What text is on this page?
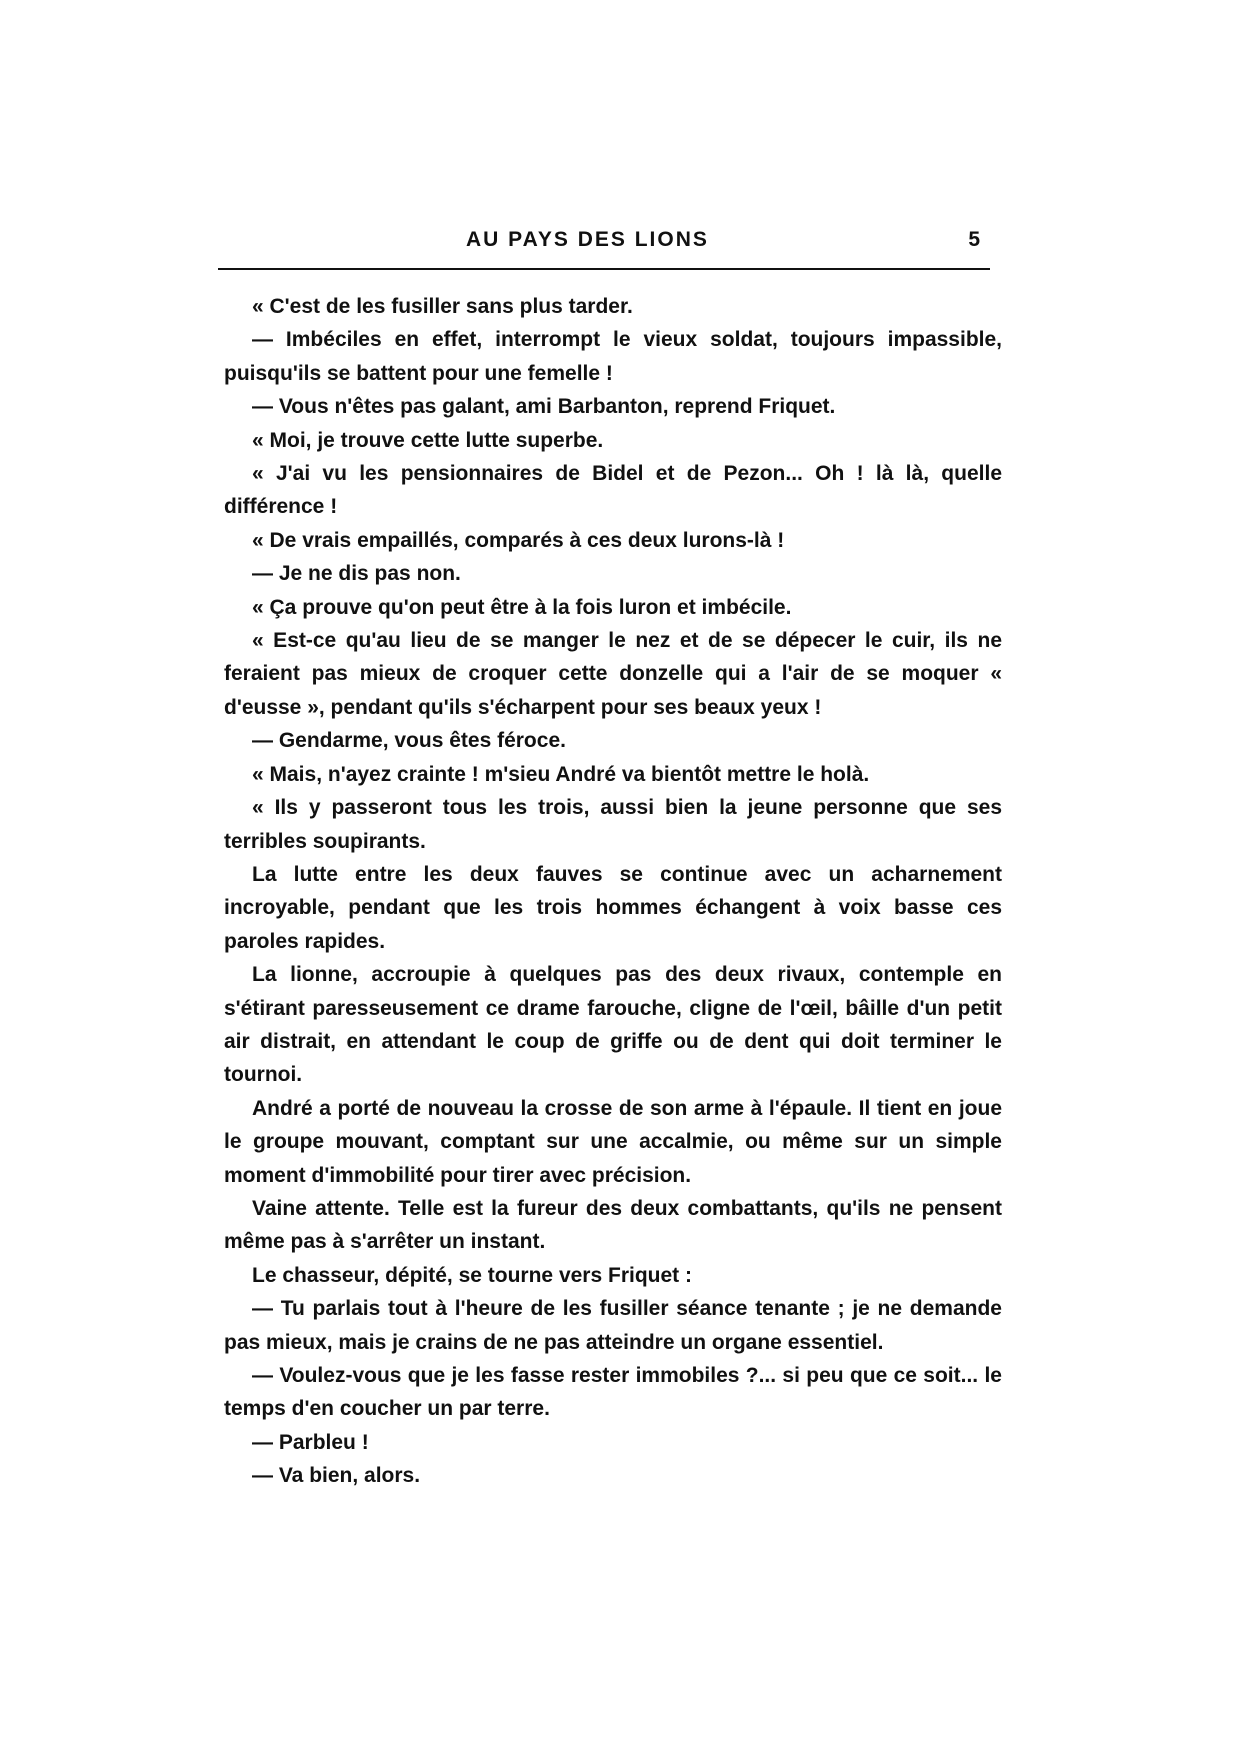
AU PAYS DES LIONS	5

« C'est de les fusiller sans plus tarder.

— Imbéciles en effet, interrompt le vieux soldat, toujours impassible, puisqu'ils se battent pour une femelle !

— Vous n'êtes pas galant, ami Barbanton, reprend Friquet.

« Moi, je trouve cette lutte superbe.

« J'ai vu les pensionnaires de Bidel et de Pezon... Oh ! là là, quelle différence !

« De vrais empaillés, comparés à ces deux lurons-là !

— Je ne dis pas non.

« Ça prouve qu'on peut être à la fois luron et imbécile.

« Est-ce qu'au lieu de se manger le nez et de se dépecer le cuir, ils ne feraient pas mieux de croquer cette donzelle qui a l'air de se moquer « d'eusse », pendant qu'ils s'écharpent pour ses beaux yeux !

— Gendarme, vous êtes féroce.

« Mais, n'ayez crainte ! m'sieu André va bientôt mettre le holà.

« Ils y passeront tous les trois, aussi bien la jeune personne que ses terribles soupirants.

La lutte entre les deux fauves se continue avec un acharnement incroyable, pendant que les trois hommes échangent à voix basse ces paroles rapides.

La lionne, accroupie à quelques pas des deux rivaux, contemple en s'étirant paresseusement ce drame farouche, cligne de l'œil, bâille d'un petit air distrait, en attendant le coup de griffe ou de dent qui doit terminer le tournoi.

André a porté de nouveau la crosse de son arme à l'épaule. Il tient en joue le groupe mouvant, comptant sur une accalmie, ou même sur un simple moment d'immobilité pour tirer avec précision.

Vaine attente. Telle est la fureur des deux combattants, qu'ils ne pensent même pas à s'arrêter un instant.

Le chasseur, dépité, se tourne vers Friquet :

— Tu parlais tout à l'heure de les fusiller séance tenante ; je ne demande pas mieux, mais je crains de ne pas atteindre un organe essentiel.

— Voulez-vous que je les fasse rester immobiles ?... si peu que ce soit... le temps d'en coucher un par terre.

— Parbleu !

— Va bien, alors.
